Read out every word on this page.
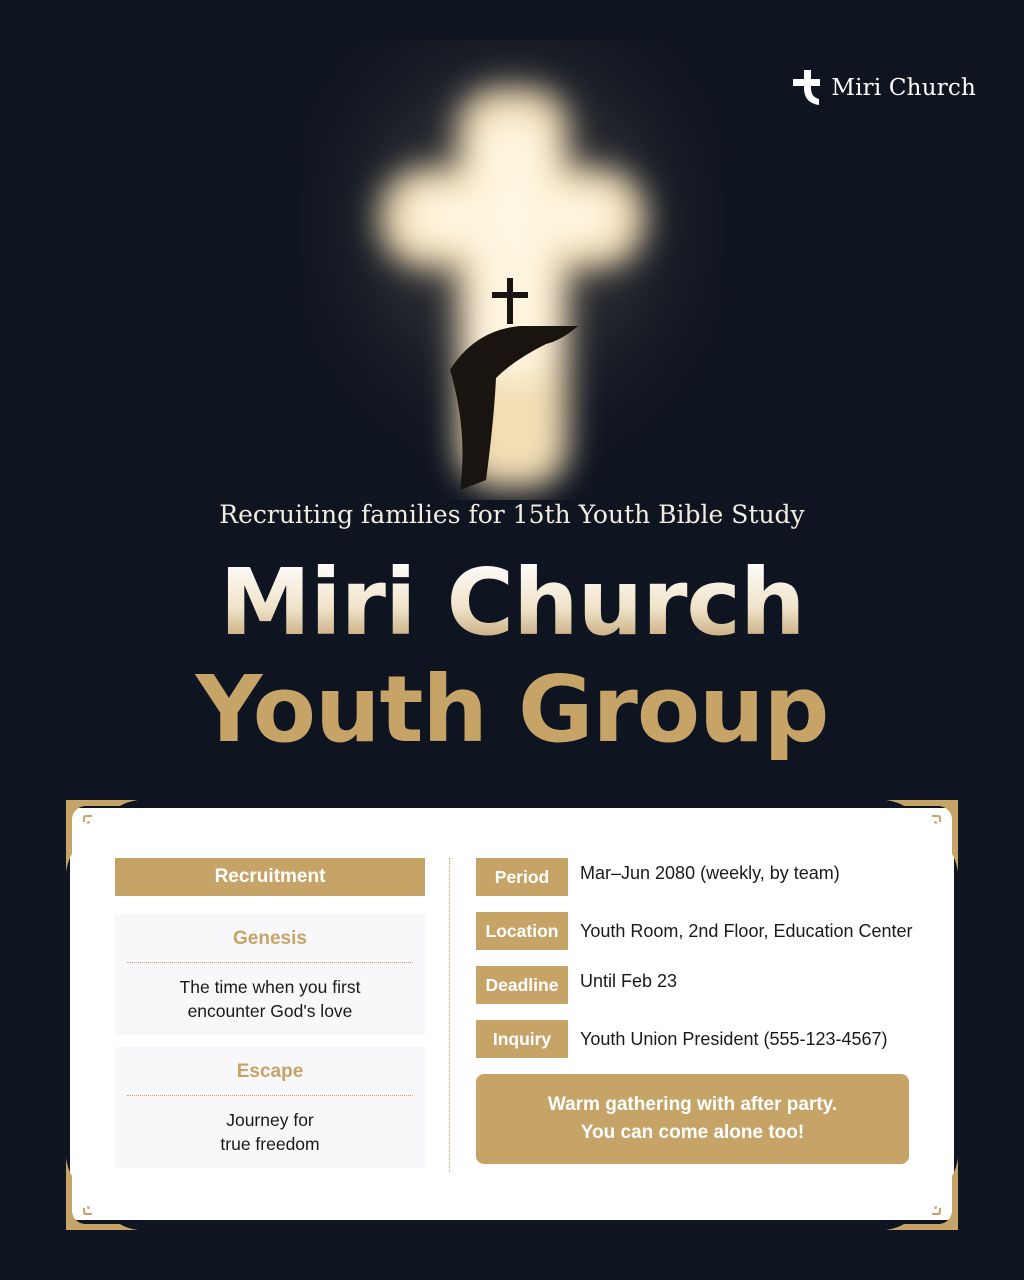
Miri Church
Recruiting families for 15th Youth Bible Study
Miri Church
Youth Group
Recruitment
Genesis
The time when you first
encounter God's love
Escape
Journey for
true freedom
Period	Mar–Jun 2080 (weekly, by team)
Location	Youth Room, 2nd Floor, Education Center
Deadline	Until Feb 23
Inquiry	Youth Union President (555-123-4567)
Warm gathering with after party.
You can come alone too!
